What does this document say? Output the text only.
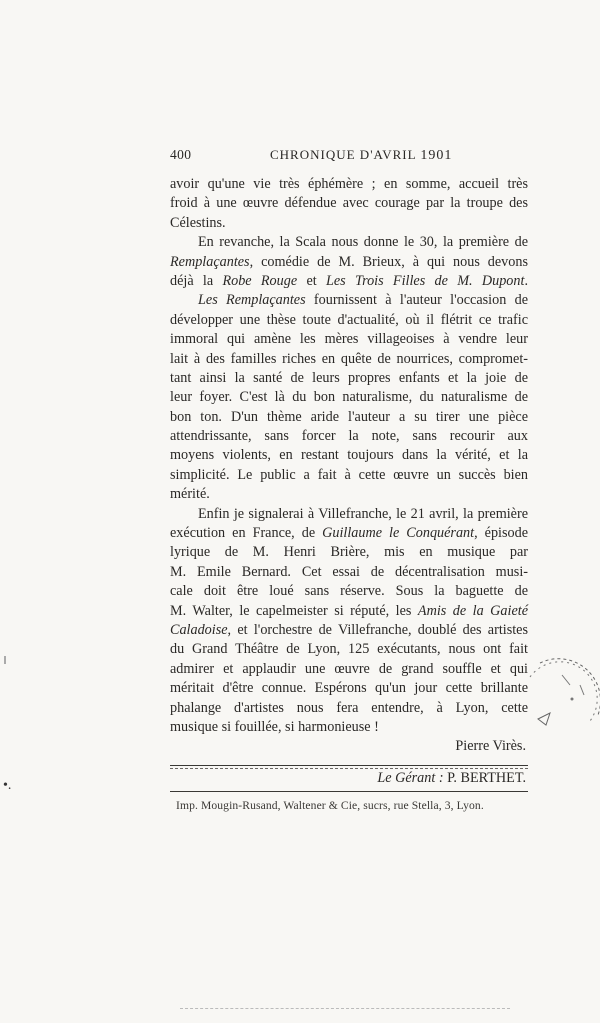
400	CHRONIQUE D'AVRIL 1901
avoir qu'une vie très éphémère ; en somme, accueil très
froid à une œuvre défendue avec courage par la troupe des
Célestins.
En revanche, la Scala nous donne le 30, la première de
Remplaçantes, comédie de M. Brieux, à qui nous devons
déjà la Robe Rouge et Les Trois Filles de M. Dupont.
Les Remplaçantes fournissent à l'auteur l'occasion de
développer une thèse toute d'actualité, où il flétrit ce trafic
immoral qui amène les mères villageoises à vendre leur
lait à des familles riches en quête de nourrices, compromet-
tant ainsi la santé de leurs propres enfants et la joie de
leur foyer. C'est là du bon naturalisme, du naturalisme de
bon ton. D'un thème aride l'auteur a su tirer une pièce
attendrissante, sans forcer la note, sans recourir aux
moyens violents, en restant toujours dans la vérité, et la
simplicité. Le public a fait à cette œuvre un succès bien
mérité.
Enfin je signalerai à Villefranche, le 21 avril, la première
exécution en France, de Guillaume le Conquérant, épisode
lyrique de M. Henri Brière, mis en musique par
M. Emile Bernard. Cet essai de décentralisation musi-
cale doit être loué sans réserve. Sous la baguette de
M. Walter, le capelmeister si réputé, les Amis de la Gaieté
Caladoise, et l'orchestre de Villefranche, doublé des artistes
du Grand Théâtre de Lyon, 125 exécutants, nous ont fait
admirer et applaudir une œuvre de grand souffle et qui
méritait d'être connue. Espérons qu'un jour cette brillante
phalange d'artistes nous fera entendre, à Lyon, cette
musique si fouillée, si harmonieuse !
Pierre Virès.
Le Gérant : P. BERTHET.
Imp. Mougin-Rusand, Waltener & Cie, sucrs, rue Stella, 3, Lyon.
•.
